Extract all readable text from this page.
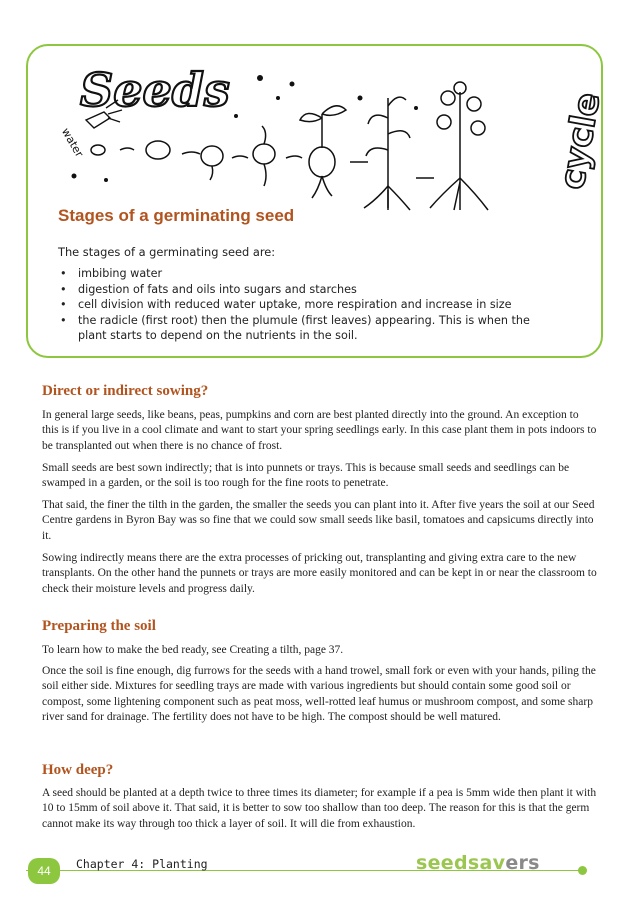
Seeds
water	cycle
Stages of a germinating seed
The stages of a germinating seed are:
• imbibing water
• digestion of fats and oils into sugars and starches
• cell division with reduced water uptake, more respiration and increase in size
• the radicle (first root) then the plumule (first leaves) appearing. This is when the plant starts to depend on the nutrients in the soil.
Direct or indirect sowing?

In general large seeds, like beans, peas, pumpkins and corn are best planted directly into the ground. An exception to this is if you live in a cool climate and want to start your spring seedlings early. In this case plant them in pots indoors to be transplanted out when there is no chance of frost.

Small seeds are best sown indirectly; that is into punnets or trays. This is because small seeds and seedlings can be swamped in a garden, or the soil is too rough for the fine roots to penetrate.

That said, the finer the tilth in the garden, the smaller the seeds you can plant into it. After five years the soil at our Seed Centre gardens in Byron Bay was so fine that we could sow small seeds like basil, tomatoes and capsicums directly into it.

Sowing indirectly means there are the extra processes of pricking out, transplanting and giving extra care to the new transplants. On the other hand the punnets or trays are more easily monitored and can be kept in or near the classroom to check their moisture levels and progress daily.

Preparing the soil

To learn how to make the bed ready, see Creating a tilth, page 37.

Once the soil is fine enough, dig furrows for the seeds with a hand trowel, small fork or even with your hands, piling the soil either side. Mixtures for seedling trays are made with various ingredients but should contain some good soil or compost, some lightening component such as peat moss, well-rotted leaf humus or mushroom compost, and some sharp river sand for drainage. The fertility does not have to be high. The compost should be well matured.

How deep?

A seed should be planted at a depth twice to three times its diameter; for example if a pea is 5mm wide then plant it with 10 to 15mm of soil above it. That said, it is better to sow too shallow than too deep. The reason for this is that the germ cannot make its way through too thick a layer of soil. It will die from exhaustion.

44	Chapter 4: Planting	seedsavers
